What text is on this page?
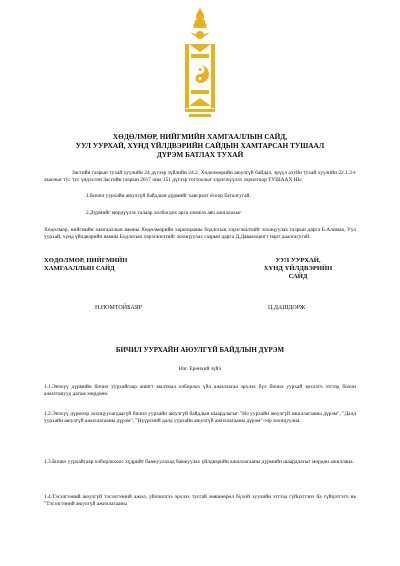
ХӨДӨЛМӨР, НИЙГМИЙН ХАМГААЛЛЫН САЙД,
УУЛ УУРХАЙ, ХҮНД ҮЙЛДВЭРИЙН САЙДЫН ХАМТАРСАН ТУШААЛ
ДҮРЭМ БАТЛАХ ТУХАЙ
Засгийн газрын тухай хуулийн 24 дүгээр зүйлийн 24.2, Хөдөлмөрийн аюулгүй байдал, эрүүл ахуйн тухай хуулийн 22.1.3-т заасныг тус тус үндэслэн Засгийн газрын 2017 оны 151 дүгээр тогтоолыг хэрэгжүүлэх зорилгоор ТУШААХ НЬ:
1.Бичил уурхайн аюулгүй байдлын дүрмийг хавсралт ёсоор баталсугай.
2.Дүрмийг мөрдүүлэх талаар холбогдох арга хэмжээ авч ажиллахыг
Хөдөлмөр, нийгмийн хамгааллын яамны Хөдөлмөрийн харилцааны бодлогын хэрэгжилтийг зохицуулах газрын дарга Б.Алимаа, Уул уурхай, хүнд үйлдвэрийн яамны Бодлогын хэрэгжилтийг зохицуулах газрын дарга Д.Даваазоригт нарт даалгасугай.
ХӨДӨЛМӨР, НИЙГМИЙН
ХАМГААЛЛЫН САЙД
УУЛ УУРХАЙ,
ХҮНД ҮЙЛДВЭРИЙН
САЙД
Н.НОМТОЙБАЯР	Ц.ДАШДОРЖ
БИЧИЛ УУРХАЙН АЮУЛГҮЙ БАЙДЛЫН ДҮРЭМ
Нэг. Ерөнхий зүйл
1.1.Энэхүү дүрмийн бичил уурхайгаар ашигт малтмал олборлох үйл ажиллагаа эрхлэх бүх бичил уурхай эрхлэгч этгээд болон ажилтанууд дагаж мөрдөнө.
1.2.Энэхүү дүрмээр зохицуулагдаагүй бичил уурхайн аюулгүй байдлын шаардлагыг "Ил уурхайн аюулгүй ажиллагааны дүрэм", "Далд уурхайн аюулгүй ажиллагааны дүрэм", "Нүүрсний далд уурхайн аюулгүй ажиллагааны дүрэм"-ээр зохицуулна.
1.3.Бичил уурхайгаар олборлохоос хүдрийг баяжуулахад баяжуулах үйлдвэрийн ажиллагааны дүрмийн шаардлагыг мөрдөн ажиллана.
1.4.Тэсэлгээний аюулгүй тэсэлгээний ажил, уйлчилгээ эрхлэх тусгай зөвшөөрөл бүхий хуулийн этгээд гүйцэтгэнэ ба гүйцэтгэгч нь "Тэсэлгээний аюулгүй ажиллагааны
